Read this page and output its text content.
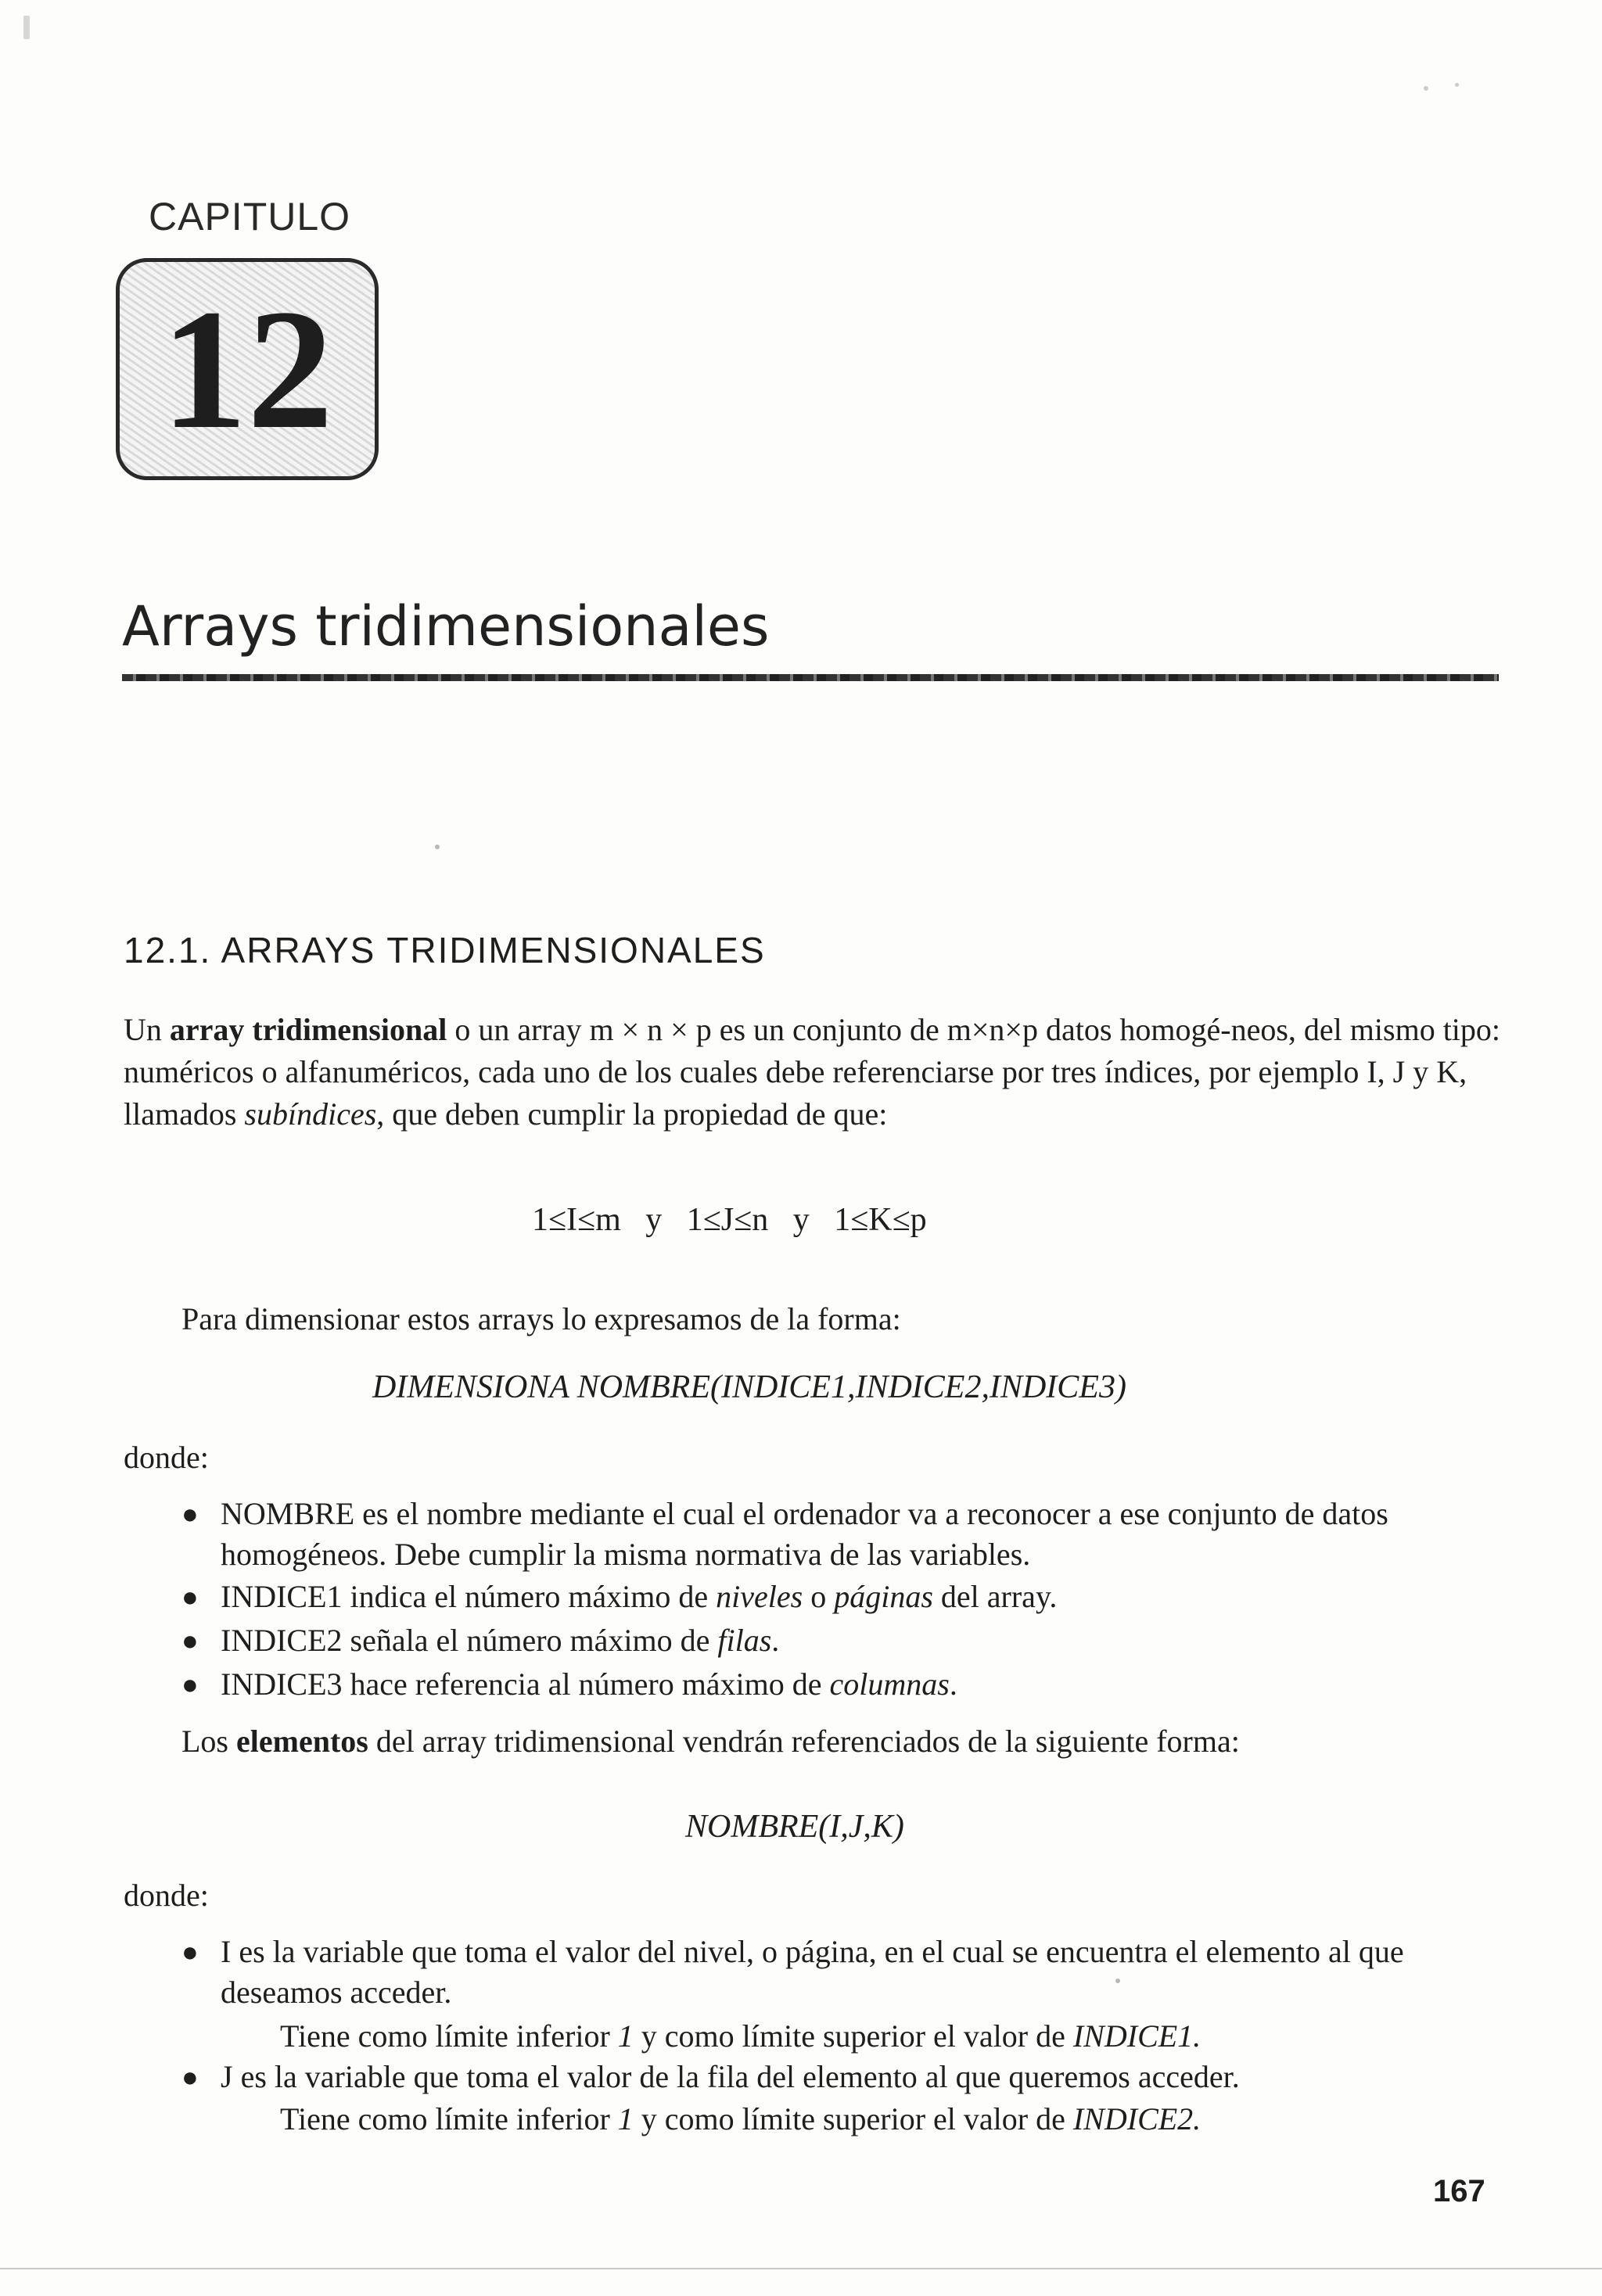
CAPITULO
12
Arrays tridimensionales
12.1. ARRAYS TRIDIMENSIONALES
Un array tridimensional o un array m × n × p es un conjunto de m×n×p datos homogé-neos, del mismo tipo: numéricos o alfanuméricos, cada uno de los cuales debe referenciarse por tres índices, por ejemplo I, J y K, llamados subíndices, que deben cumplir la propiedad de que:
1≤I≤m   y   1≤J≤n   y   1≤K≤p
Para dimensionar estos arrays lo expresamos de la forma:
DIMENSIONA NOMBRE(INDICE1,INDICE2,INDICE3)
donde:
● NOMBRE es el nombre mediante el cual el ordenador va a reconocer a ese conjunto de datos homogéneos. Debe cumplir la misma normativa de las variables.
● INDICE1 indica el número máximo de niveles o páginas del array.
● INDICE2 señala el número máximo de filas.
● INDICE3 hace referencia al número máximo de columnas.
Los elementos del array tridimensional vendrán referenciados de la siguiente forma:
NOMBRE(I,J,K)
donde:
● I es la variable que toma el valor del nivel, o página, en el cual se encuentra el elemento al que deseamos acceder.
Tiene como límite inferior 1 y como límite superior el valor de INDICE1.
● J es la variable que toma el valor de la fila del elemento al que queremos acceder.
Tiene como límite inferior 1 y como límite superior el valor de INDICE2.
167
